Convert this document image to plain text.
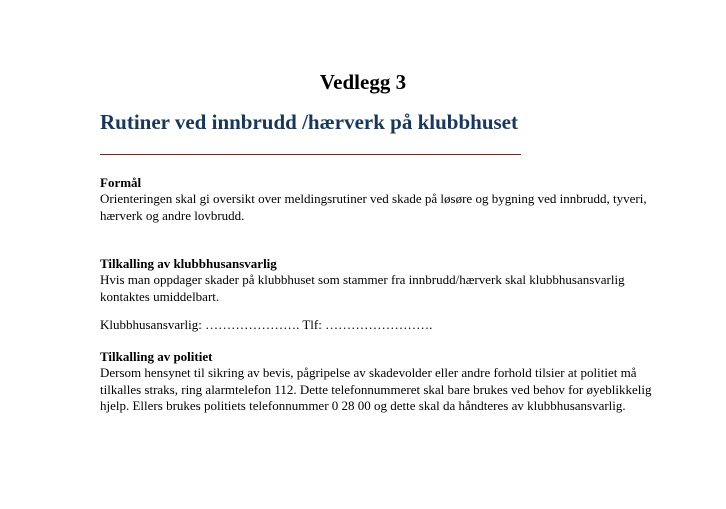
Vedlegg 3
Rutiner ved innbrudd /hærverk på klubbhuset

Formål

Orienteringen skal gi oversikt over meldingsrutiner ved skade på løsøre og bygning ved innbrudd, tyveri, hærverk og andre lovbrudd.

Tilkalling av klubbhusansvarlig

Hvis man oppdager skader på klubbhuset som stammer fra innbrudd/hærverk skal klubbhusansvarlig kontaktes umiddelbart.

Klubbhusansvarlig: …………………. Tlf: …………………….

Tilkalling av politiet

Dersom hensynet til sikring av bevis, pågripelse av skadevolder eller andre forhold tilsier at politiet må tilkalles straks, ring alarmtelefon 112. Dette telefonnummeret skal bare brukes ved behov for øyeblikkelig hjelp. Ellers brukes politiets telefonnummer 0 28 00 og dette skal da håndteres av klubbhusansvarlig.
